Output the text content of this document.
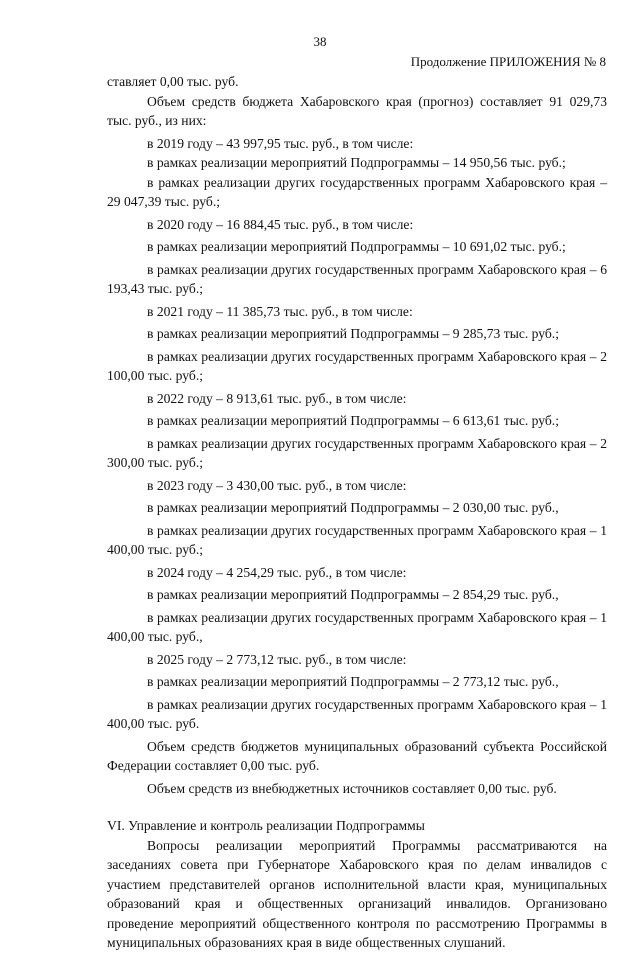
38
Продолжение ПРИЛОЖЕНИЯ № 8

ставляет 0,00 тыс. руб.

Объем средств бюджета Хабаровского края (прогноз) составляет 91 029,73 тыс. руб., из них:

в 2019 году – 43 997,95 тыс. руб., в том числе:

в рамках реализации мероприятий Подпрограммы – 14 950,56 тыс. руб.;

в рамках реализации других государственных программ Хабаровского края – 29 047,39 тыс. руб.;

в 2020 году – 16 884,45 тыс. руб., в том числе:

в рамках реализации мероприятий Подпрограммы – 10 691,02 тыс. руб.;

в рамках реализации других государственных программ Хабаровского края – 6 193,43 тыс. руб.;

в 2021 году – 11 385,73 тыс. руб., в том числе:

в рамках реализации мероприятий Подпрограммы – 9 285,73 тыс. руб.;

в рамках реализации других государственных программ Хабаровского края – 2 100,00 тыс. руб.;

в 2022 году – 8 913,61 тыс. руб., в том числе:

в рамках реализации мероприятий Подпрограммы – 6 613,61 тыс. руб.;

в рамках реализации других государственных программ Хабаровского края – 2 300,00 тыс. руб.;

в 2023 году – 3 430,00 тыс. руб., в том числе:

в рамках реализации мероприятий Подпрограммы – 2 030,00 тыс. руб.,

в рамках реализации других государственных программ Хабаровского края – 1 400,00 тыс. руб.;

в 2024 году – 4 254,29 тыс. руб., в том числе:

в рамках реализации мероприятий Подпрограммы – 2 854,29 тыс. руб.,

в рамках реализации других государственных программ Хабаровского края – 1 400,00 тыс. руб.,

в 2025 году – 2 773,12 тыс. руб., в том числе:

в рамках реализации мероприятий Подпрограммы – 2 773,12 тыс. руб.,

в рамках реализации других государственных программ Хабаровского края – 1 400,00 тыс. руб.

Объем средств бюджетов муниципальных образований субъекта Российской Федерации составляет 0,00 тыс. руб.

Объем средств из внебюджетных источников составляет 0,00 тыс. руб.

VI. Управление и контроль реализации Подпрограммы

Вопросы реализации мероприятий Программы рассматриваются на заседаниях совета при Губернаторе Хабаровского края по делам инвалидов с участием представителей органов исполнительной власти края, муниципальных образований края и общественных организаций инвалидов. Организовано проведение мероприятий общественного контроля по рассмотрению Программы в муниципальных образованиях края в виде общественных слушаний.
